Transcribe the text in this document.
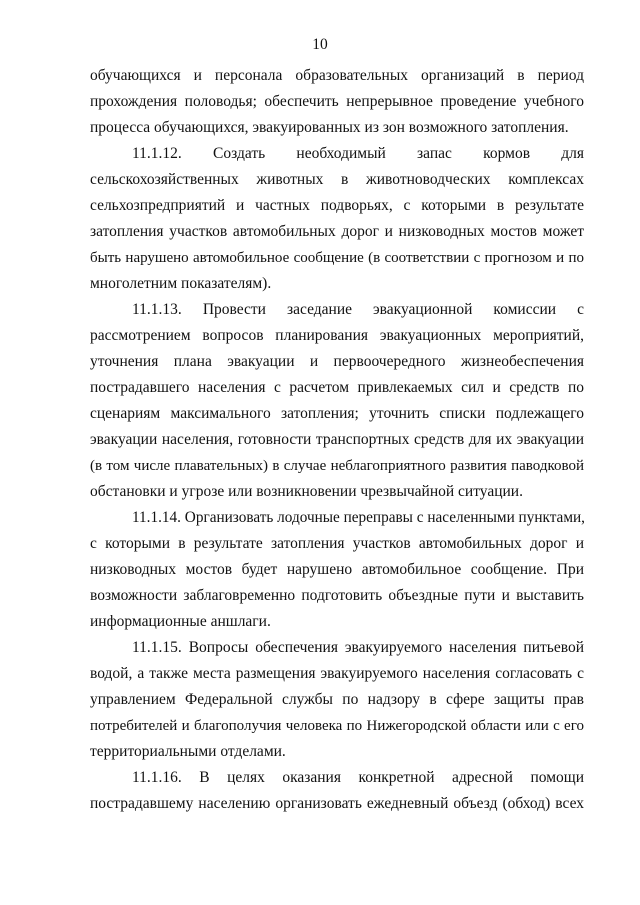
10
обучающихся и персонала образовательных организаций в период
прохождения половодья; обеспечить непрерывное проведение учебного
процесса обучающихся, эвакуированных из зон возможного затопления.
11.1.12. Создать необходимый запас кормов для
сельскохозяйственных животных в животноводческих комплексах
сельхозпредприятий и частных подворьях, с которыми в результате
затопления участков автомобильных дорог и низководных мостов может
быть нарушено автомобильное сообщение (в соответствии с прогнозом и по
многолетним показателям).
11.1.13. Провести заседание эвакуационной комиссии с
рассмотрением вопросов планирования эвакуационных мероприятий,
уточнения плана эвакуации и первоочередного жизнеобеспечения
пострадавшего населения с расчетом привлекаемых сил и средств по
сценариям максимального затопления; уточнить списки подлежащего
эвакуации населения, готовности транспортных средств для их эвакуации
(в том числе плавательных) в случае неблагоприятного развития паводковой
обстановки и угрозе или возникновении чрезвычайной ситуации.
11.1.14. Организовать лодочные переправы с населенными пунктами,
с которыми в результате затопления участков автомобильных дорог и
низководных мостов будет нарушено автомобильное сообщение. При
возможности заблаговременно подготовить объездные пути и выставить
информационные аншлаги.
11.1.15. Вопросы обеспечения эвакуируемого населения питьевой
водой, а также места размещения эвакуируемого населения согласовать с
управлением Федеральной службы по надзору в сфере защиты прав
потребителей и благополучия человека по Нижегородской области или с его
территориальными отделами.
11.1.16. В целях оказания конкретной адресной помощи
пострадавшему населению организовать ежедневный объезд (обход) всех
